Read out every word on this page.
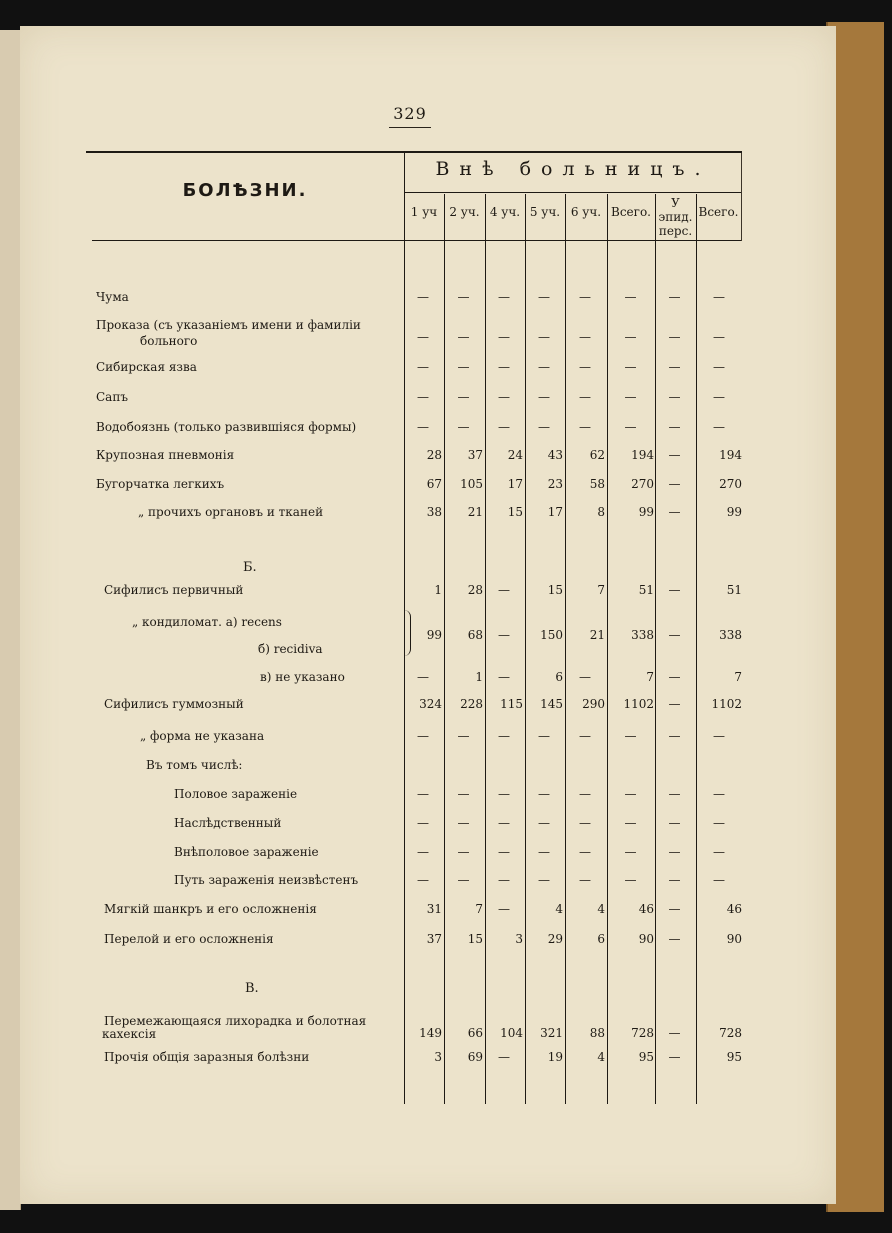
329
БОЛѢЗНИ.
Внѣ больницъ.
1 уч	2 уч. 4 уч. 5 уч. 6 уч. Всего.
У эпид. перс.
Всего.
Б.
В.
Чума	—	—	—	—	—	—	—	—
Проказа (съ указаніемъ имени и фамиліи
больного	—	—	—	—	—	—	—	—
Сибирская язва	—	—	—	—	—	—	—	—
Сапъ	—	—	—	—	—	—	—	—
Водобоязнь (только развившіяся формы)	—	—	—	—	—	—	—	—
Крупозная пневмонія	28	37	24	43	62	194	—	194
Бугорчатка легкихъ	67	105	17	23	58	270	—	270
„ прочихъ органовъ и тканей	38	21	15	17	8	99	—	99
Сифилисъ первичный	1	28	—	15	7	51	—	51
„ кондиломат. а) recens
б) recidiva
99	68	—	150	21	338	—	338
в) не указано	—	1	—	6	—	7	—	7
Сифилисъ гуммозный	324	228	115	145	290	1102	—	1102
„ форма не указана	—	—	—	—	—	—	—	—
Въ томъ числѣ:
Половое зараженіе	—	—	—	—	—	—	—	—
Наслѣдственный	—	—	—	—	—	—	—	—
Внѣполовое зараженіе	—	—	—	—	—	—	—	—
Путь зараженія неизвѣстенъ	—	—	—	—	—	—	—	—
Мягкій шанкръ и его осложненія	31	7	—	4	4	46	—	46
Перелой и его осложненія	37	15	3	29	6	90	—	90
Перемежающаяся лихорадка и болотная
кахексія	149	66	104	321	88	728	—	728
Прочія общія заразныя болѣзни	3	69	—	19	4	95	—	95
